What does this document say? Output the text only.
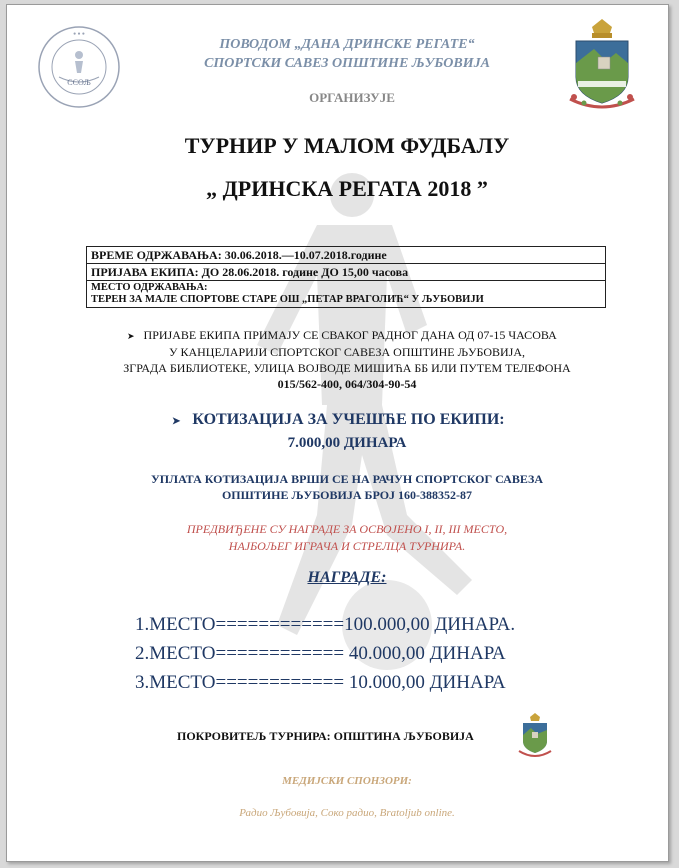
ССОЉ
● ● ●
ПОВОДОМ „ДАНА ДРИНСКЕ РЕГАТЕ“
СПОРТСКИ САВЕЗ ОПШТИНЕ ЉУБОВИЈА
ОРГАНИЗУЈЕ
ТУРНИР У МАЛОМ ФУДБАЛУ
„ ДРИНСКА РЕГАТА 2018 ”
ВРЕМЕ ОДРЖАВАЊА: 30.06.2018.—10.07.2018.године
ПРИЈАВА ЕКИПА: ДО 28.06.2018. године ДО 15,00 часова

МЕСТО ОДРЖАВАЊА:
ТЕРЕН ЗА МАЛЕ СПОРТОВЕ СТАРЕ ОШ „ПЕТАР ВРАГОЛИЋ“ У ЉУБОВИЈИ
➤ ПРИЈАВЕ ЕКИПА ПРИМАЈУ СЕ СВАКОГ РАДНОГ ДАНА ОД 07-15 ЧАСОВА
У КАНЦЕЛАРИЈИ СПОРТСКОГ САВЕЗА ОПШТИНЕ ЉУБОВИЈА,
ЗГРАДА БИБЛИОТЕКЕ, УЛИЦА ВОЈВОДЕ МИШИЋА ББ ИЛИ ПУТЕМ ТЕЛЕФОНА
015/562-400, 064/304-90-54
➤ КОТИЗАЦИЈА ЗА УЧЕШЋЕ ПО ЕКИПИ:
7.000,00 ДИНАРА
УПЛАТА КОТИЗАЦИЈА ВРШИ СЕ НА РАЧУН СПОРТСКОГ САВЕЗА
ОПШТИНЕ ЉУБОВИЈА БРОЈ 160-388352-87
ПРЕДВИЂЕНЕ СУ НАГРАДЕ ЗА ОСВОЈЕНО I, II, III МЕСТО,
НАЈБОЉЕГ ИГРАЧА И СТРЕЛЦА ТУРНИРА.
НАГРАДЕ:
1.МЕСТО============100.000,00 ДИНАРА.
2.МЕСТО============ 40.000,00 ДИНАРА
3.МЕСТО============ 10.000,00 ДИНАРА
ПОКРОВИТЕЉ ТУРНИРА: ОПШТИНА ЉУБОВИЈА
МЕДИЈСКИ СПОНЗОРИ:
Радио Љубовија, Соко радио, Bratoljub online.
